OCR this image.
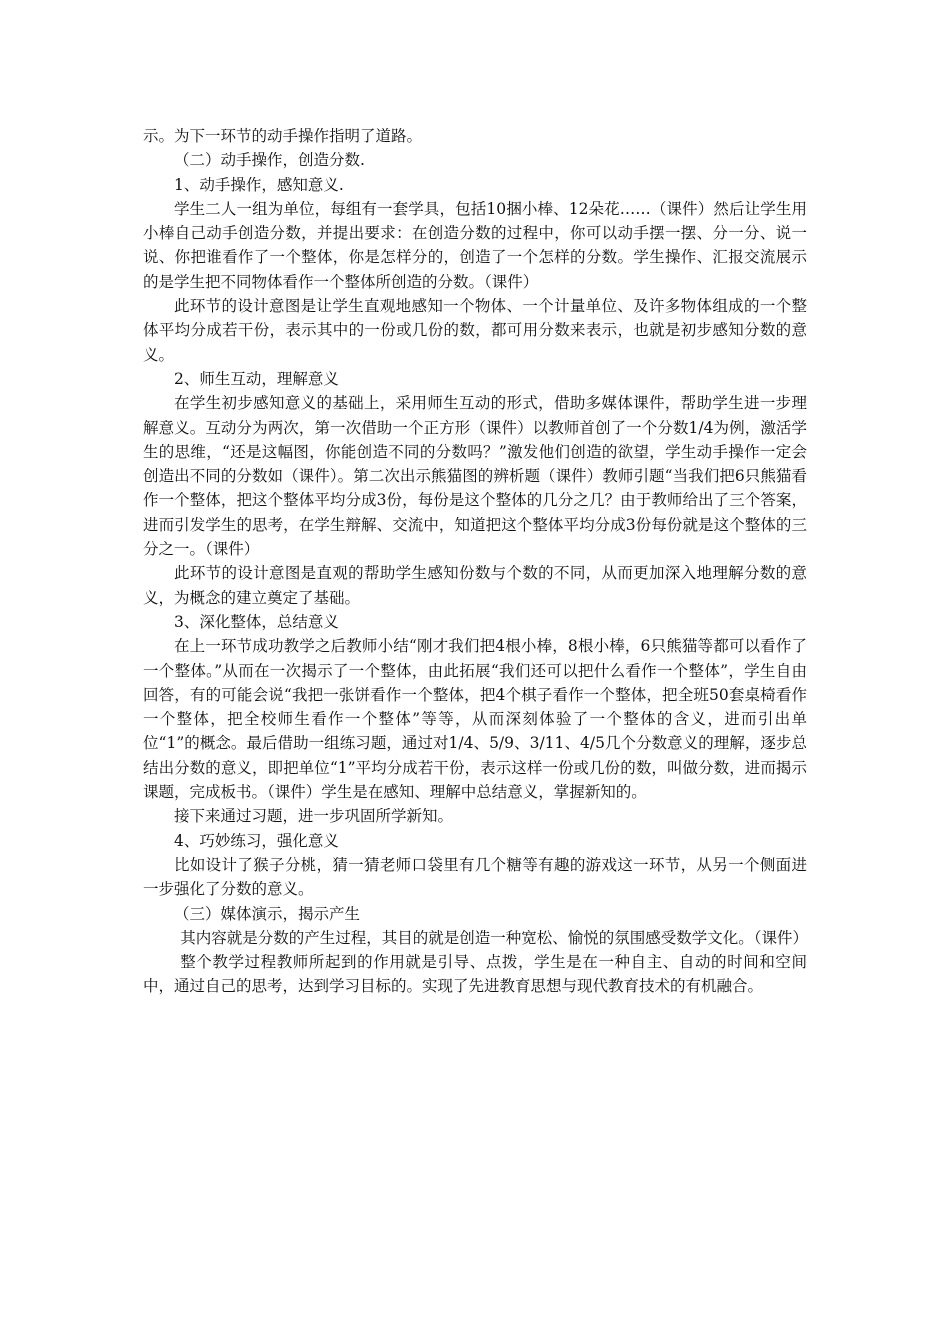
示。为下一环节的动手操作指明了道路。

（二）动手操作，创造分数.

1、动手操作，感知意义.

学生二人一组为单位，每组有一套学具，包括10捆小棒、12朵花……（课件）然后让学生用小棒自己动手创造分数，并提出要求：在创造分数的过程中，你可以动手摆一摆、分一分、说一说、你把谁看作了一个整体，你是怎样分的，创造了一个怎样的分数。学生操作、汇报交流展示的是学生把不同物体看作一个整体所创造的分数。（课件）

此环节的设计意图是让学生直观地感知一个物体、一个计量单位、及许多物体组成的一个整体平均分成若干份，表示其中的一份或几份的数，都可用分数来表示，也就是初步感知分数的意义。

2、师生互动，理解意义

在学生初步感知意义的基础上，采用师生互动的形式，借助多媒体课件，帮助学生进一步理解意义。互动分为两次，第一次借助一个正方形（课件）以教师首创了一个分数1/4为例，激活学生的思维，“还是这幅图，你能创造不同的分数吗？”激发他们创造的欲望，学生动手操作一定会创造出不同的分数如（课件）。第二次出示熊猫图的辨析题（课件）教师引题“当我们把6只熊猫看作一个整体，把这个整体平均分成3份，每份是这个整体的几分之几？由于教师给出了三个答案，进而引发学生的思考，在学生辩解、交流中，知道把这个整体平均分成3份每份就是这个整体的三分之一。（课件）

此环节的设计意图是直观的帮助学生感知份数与个数的不同，从而更加深入地理解分数的意义，为概念的建立奠定了基础。

3、深化整体，总结意义

在上一环节成功教学之后教师小结“刚才我们把4根小棒，8根小棒，6只熊猫等都可以看作了一个整体。”从而在一次揭示了一个整体，由此拓展“我们还可以把什么看作一个整体”，学生自由回答，有的可能会说“我把一张饼看作一个整体，把4个棋子看作一个整体，把全班50套桌椅看作一个整体，把全校师生看作一个整体”等等，从而深刻体验了一个整体的含义，进而引出单位“1”的概念。最后借助一组练习题，通过对1/4、5/9、3/11、4/5几个分数意义的理解，逐步总结出分数的意义，即把单位“1”平均分成若干份，表示这样一份或几份的数，叫做分数，进而揭示课题，完成板书。（课件）学生是在感知、理解中总结意义，掌握新知的。

接下来通过习题，进一步巩固所学新知。

4、巧妙练习，强化意义

比如设计了猴子分桃，猜一猜老师口袋里有几个糖等有趣的游戏这一环节，从另一个侧面进一步强化了分数的意义。

（三）媒体演示，揭示产生

其内容就是分数的产生过程，其目的就是创造一种宽松、愉悦的氛围感受数学文化。（课件）

整个教学过程教师所起到的作用就是引导、点拨，学生是在一种自主、自动的时间和空间中，通过自己的思考，达到学习目标的。实现了先进教育思想与现代教育技术的有机融合。
